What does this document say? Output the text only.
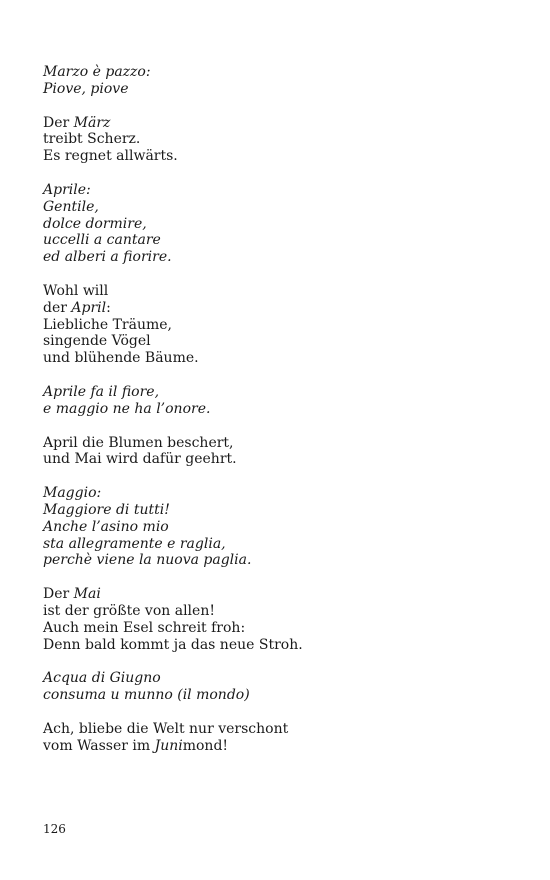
Marzo è pazzo:
Piove, piove
Der März
treibt Scherz.
Es regnet allwärts.
Aprile:
Gentile,
dolce dormire,
uccelli a cantare
ed alberi a fiorire.
Wohl will
der April:
Liebliche Träume,
singende Vögel
und blühende Bäume.
Aprile fa il fiore,
e maggio ne ha l’onore.
April die Blumen beschert,
und Mai wird dafür geehrt.
Maggio:
Maggiore di tutti!
Anche l’asino mio
sta allegramente e raglia,
perchè viene la nuova paglia.
Der Mai
ist der größte von allen!
Auch mein Esel schreit froh:
Denn bald kommt ja das neue Stroh.
Acqua di Giugno
consuma u munno (il mondo)
Ach, bliebe die Welt nur verschont
vom Wasser im Junimond!
126
